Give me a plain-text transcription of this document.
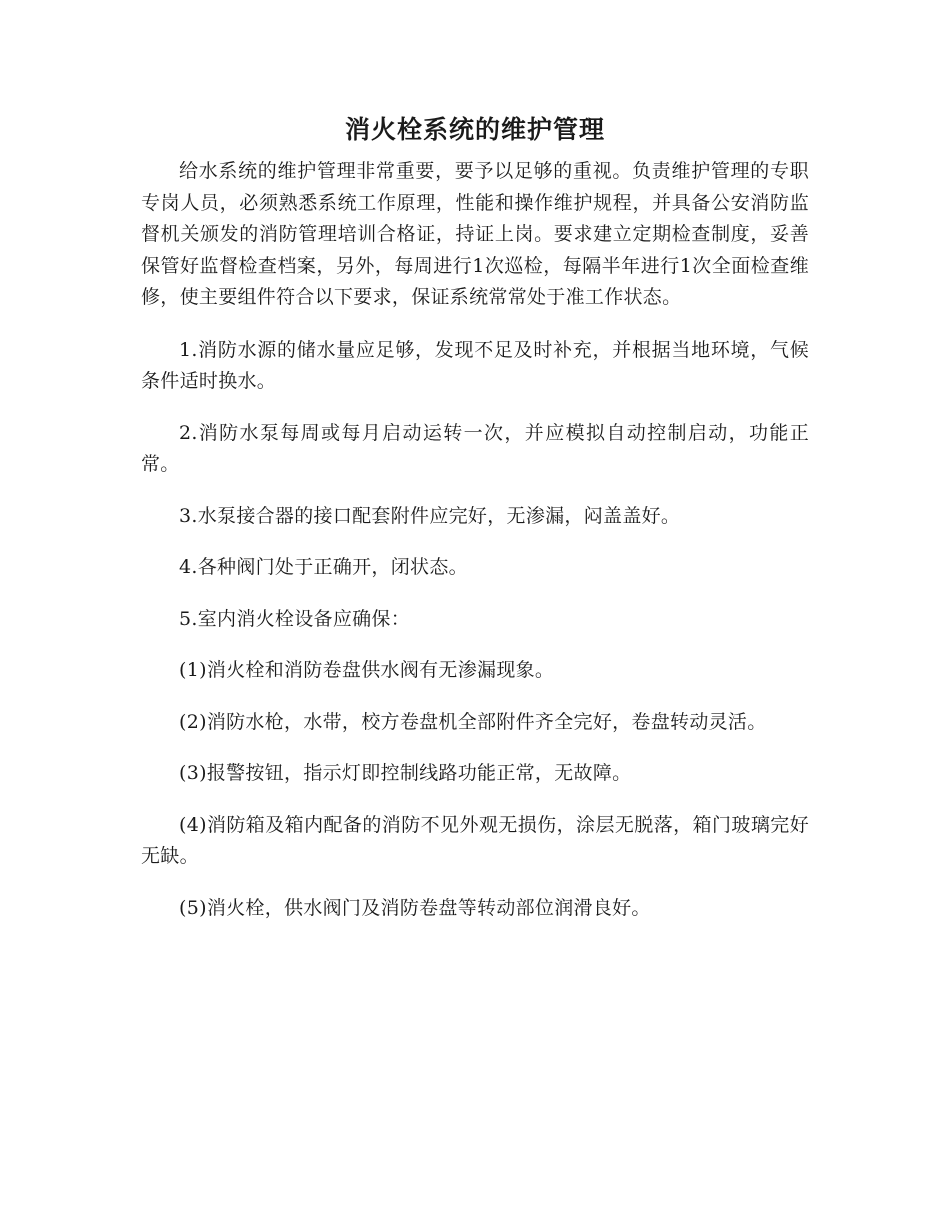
消火栓系统的维护管理

给水系统的维护管理非常重要，要予以足够的重视。负责维护管理的专职专岗人员，必须熟悉系统工作原理，性能和操作维护规程，并具备公安消防监督机关颁发的消防管理培训合格证，持证上岗。要求建立定期检查制度，妥善保管好监督检查档案，另外，每周进行1次巡检，每隔半年进行1次全面检查维修，使主要组件符合以下要求，保证系统常常处于准工作状态。

1.消防水源的储水量应足够，发现不足及时补充，并根据当地环境，气候条件适时换水。

2.消防水泵每周或每月启动运转一次，并应模拟自动控制启动，功能正常。

3.水泵接合器的接口配套附件应完好，无渗漏，闷盖盖好。

4.各种阀门处于正确开，闭状态。

5.室内消火栓设备应确保：

(1)消火栓和消防卷盘供水阀有无渗漏现象。

(2)消防水枪，水带，校方卷盘机全部附件齐全完好，卷盘转动灵活。

(3)报警按钮，指示灯即控制线路功能正常，无故障。

(4)消防箱及箱内配备的消防不见外观无损伤，涂层无脱落，箱门玻璃完好无缺。

(5)消火栓，供水阀门及消防卷盘等转动部位润滑良好。
